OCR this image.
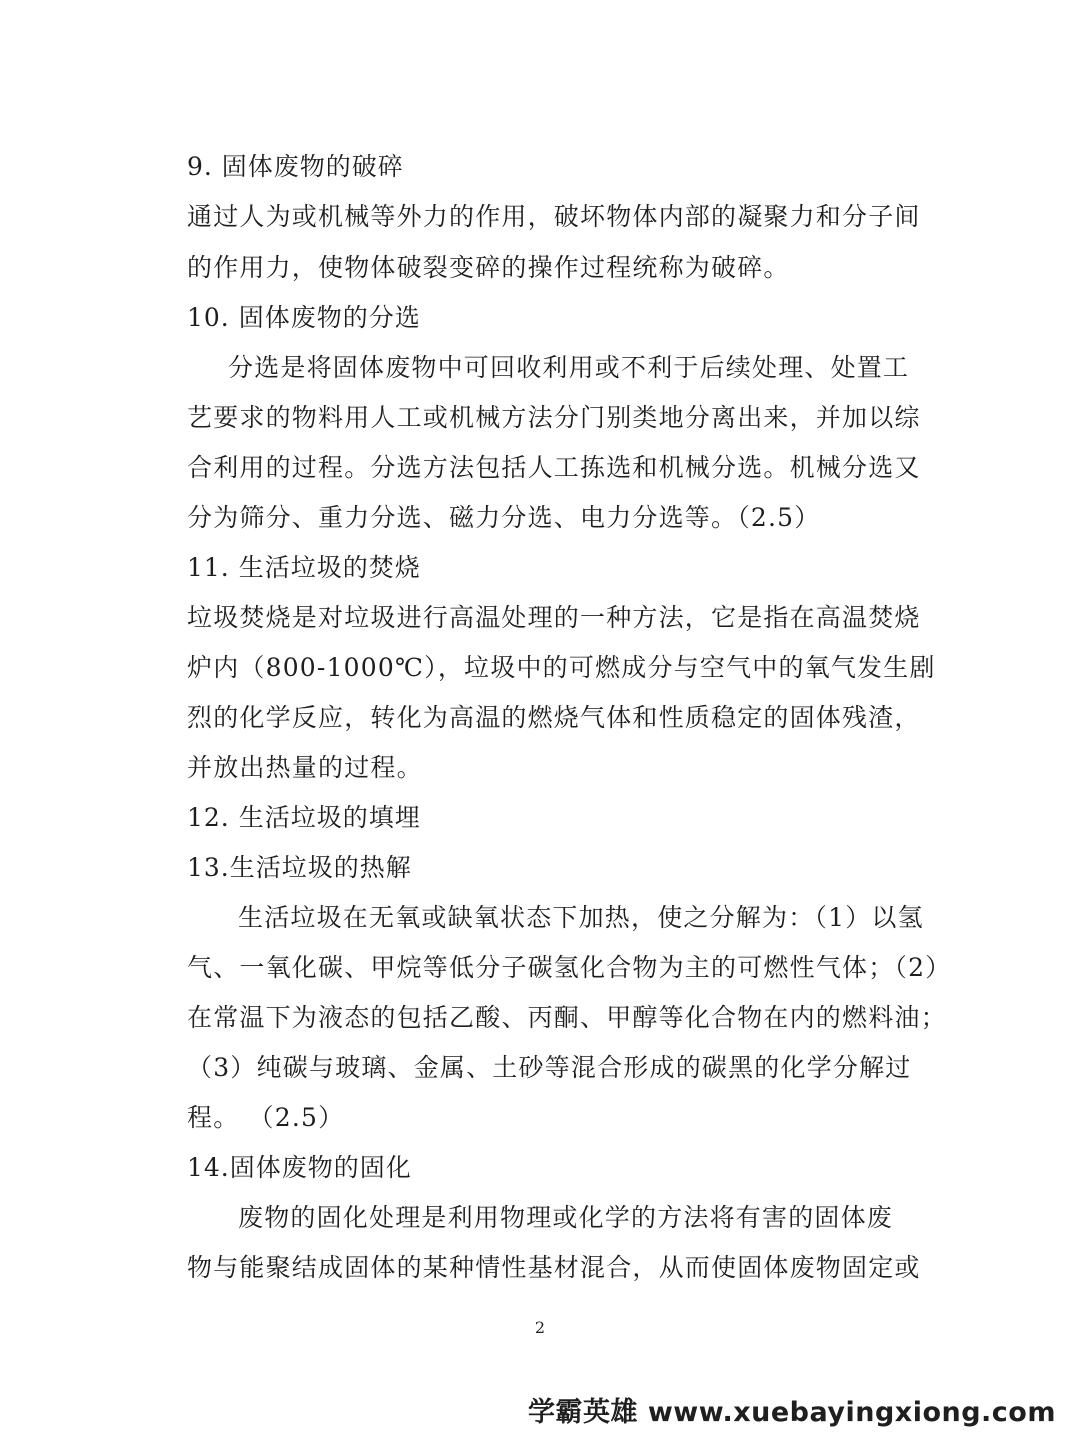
9. 固体废物的破碎
通过人为或机械等外力的作用，破坏物体内部的凝聚力和分子间
的作用力，使物体破裂变碎的操作过程统称为破碎。
10. 固体废物的分选
分选是将固体废物中可回收利用或不利于后续处理、处置工
艺要求的物料用人工或机械方法分门别类地分离出来，并加以综
合利用的过程。分选方法包括人工拣选和机械分选。机械分选又
分为筛分、重力分选、磁力分选、电力分选等。（2.5）
11. 生活垃圾的焚烧
垃圾焚烧是对垃圾进行高温处理的一种方法，它是指在高温焚烧
炉内（800-1000℃），垃圾中的可燃成分与空气中的氧气发生剧
烈的化学反应，转化为高温的燃烧气体和性质稳定的固体残渣，
并放出热量的过程。
12. 生活垃圾的填埋
13.生活垃圾的热解
生活垃圾在无氧或缺氧状态下加热，使之分解为：（1）以氢
气、一氧化碳、甲烷等低分子碳氢化合物为主的可燃性气体；（2）
在常温下为液态的包括乙酸、丙酮、甲醇等化合物在内的燃料油；
（3）纯碳与玻璃、金属、土砂等混合形成的碳黑的化学分解过
程。 （2.5）
14.固体废物的固化
废物的固化处理是利用物理或化学的方法将有害的固体废
物与能聚结成固体的某种情性基材混合，从而使固体废物固定或
2
学霸英雄 www.xuebayingxiong.com
